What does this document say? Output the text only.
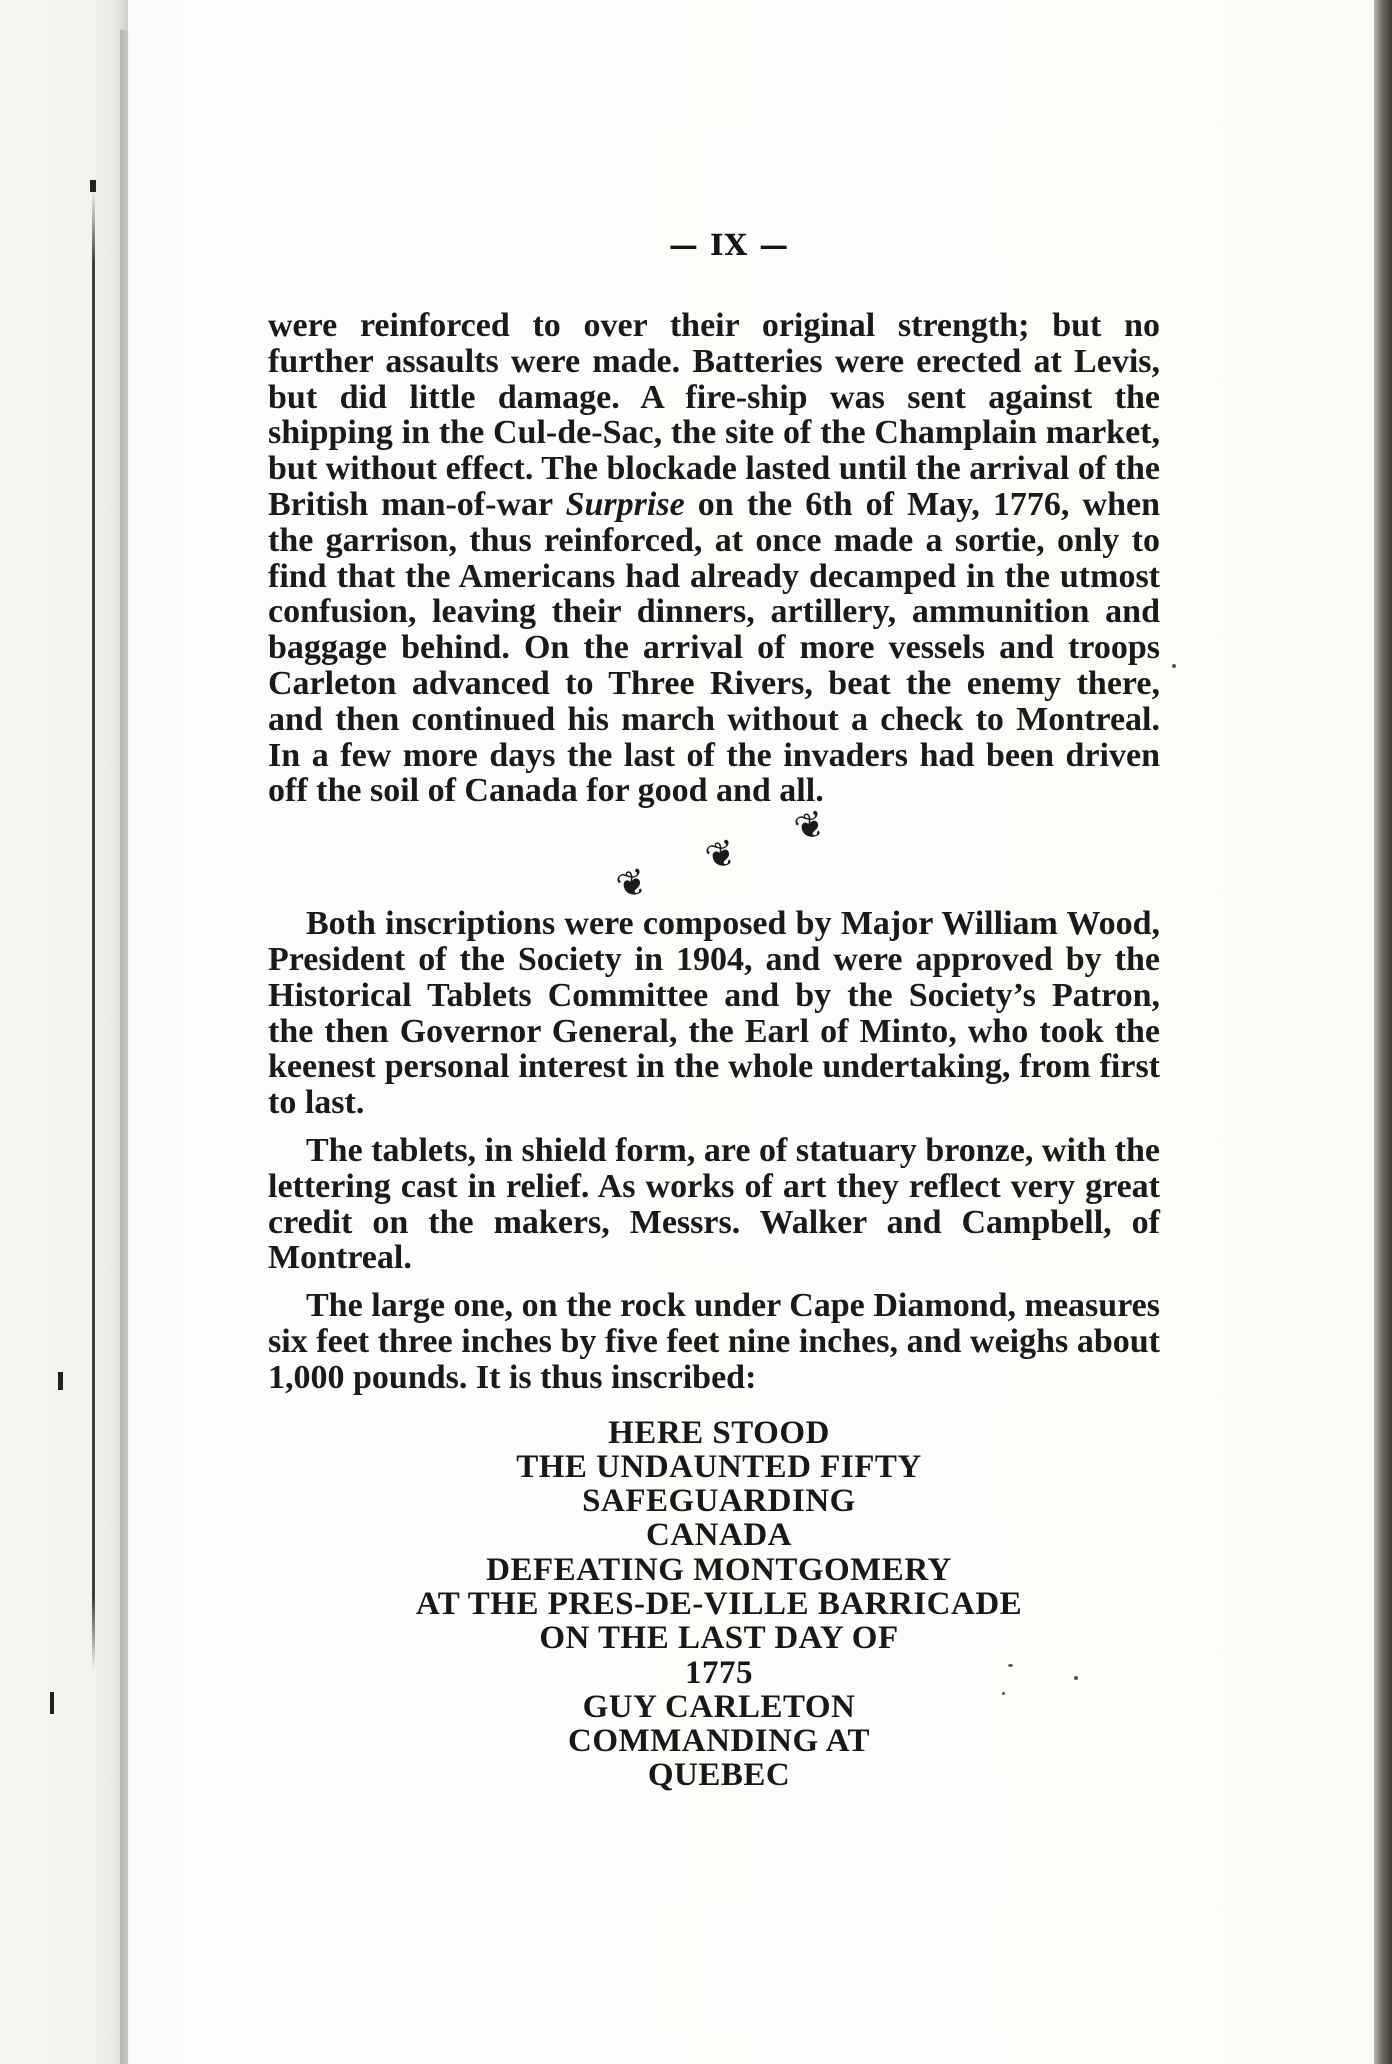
— IX —

were reinforced to over their original strength; but no further assaults were made. Batteries were erected at Levis, but did little damage. A fire-ship was sent against the shipping in the Cul-de-Sac, the site of the Champlain market, but without effect. The blockade lasted until the arrival of the British man-of-war Surprise on the 6th of May, 1776, when the garrison, thus reinforced, at once made a sortie, only to find that the Americans had already decamped in the utmost confusion, leaving their dinners, artillery, ammunition and baggage behind. On the arrival of more vessels and troops Carleton advanced to Three Rivers, beat the enemy there, and then continued his march without a check to Montreal. In a few more days the last of the invaders had been driven off the soil of Canada for good and all.

❦ ❦ ❦

Both inscriptions were composed by Major William Wood, President of the Society in 1904, and were approved by the Historical Tablets Committee and by the Society’s Patron, the then Governor General, the Earl of Minto, who took the keenest personal interest in the whole undertaking, from first to last.

The tablets, in shield form, are of statuary bronze, with the lettering cast in relief. As works of art they reflect very great credit on the makers, Messrs. Walker and Campbell, of Montreal.

The large one, on the rock under Cape Diamond, measures six feet three inches by five feet nine inches, and weighs about 1,000 pounds. It is thus inscribed:

HERE STOOD
THE UNDAUNTED FIFTY
SAFEGUARDING
CANADA
DEFEATING MONTGOMERY
AT THE PRES-DE-VILLE BARRICADE
ON THE LAST DAY OF
1775
GUY CARLETON
COMMANDING AT
QUEBEC
